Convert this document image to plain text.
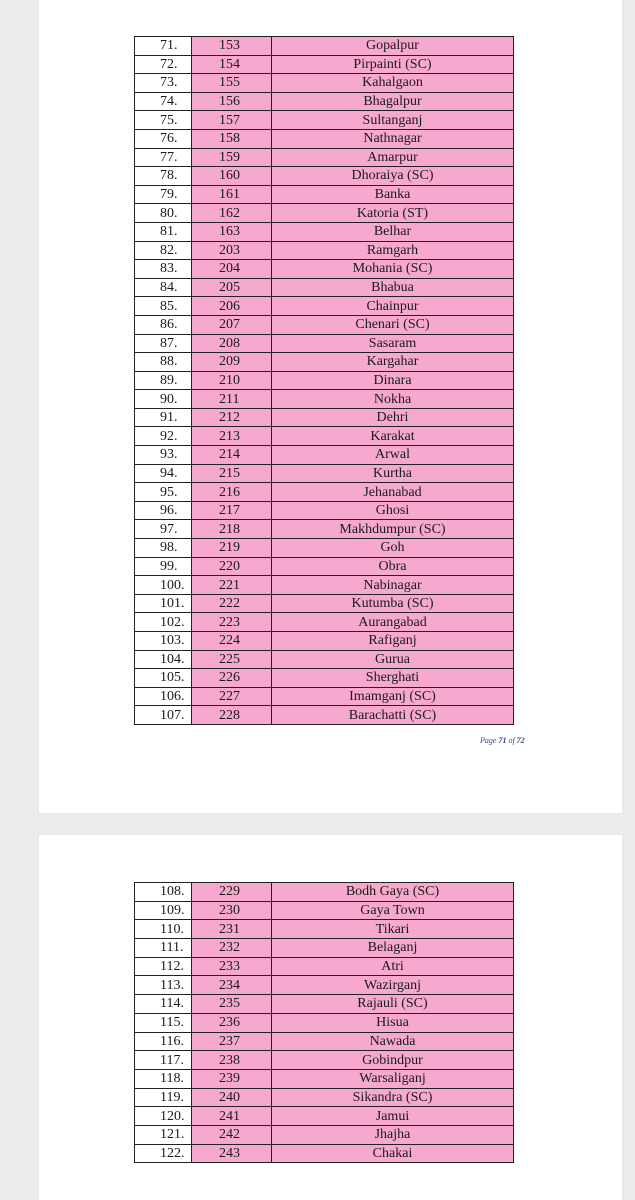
71.	153	Gopalpur
72.	154	Pirpainti (SC)
73.	155	Kahalgaon
74.	156	Bhagalpur
75.	157	Sultanganj
76.	158	Nathnagar
77.	159	Amarpur
78.	160	Dhoraiya (SC)
79.	161	Banka
80.	162	Katoria (ST)
81.	163	Belhar
82.	203	Ramgarh
83.	204	Mohania (SC)
84.	205	Bhabua
85.	206	Chainpur
86.	207	Chenari (SC)
87.	208	Sasaram
88.	209	Kargahar
89.	210	Dinara
90.	211	Nokha
91.	212	Dehri
92.	213	Karakat
93.	214	Arwal
94.	215	Kurtha
95.	216	Jehanabad
96.	217	Ghosi
97.	218	Makhdumpur (SC)
98.	219	Goh
99.	220	Obra
100.	221	Nabinagar
101.	222	Kutumba (SC)
102.	223	Aurangabad
103.	224	Rafiganj
104.	225	Gurua
105.	226	Sherghati
106.	227	Imamganj (SC)
107.	228	Barachatti (SC)
Page 71 of 72
108.	229	Bodh Gaya (SC)
109.	230	Gaya Town
110.	231	Tikari
111.	232	Belaganj
112.	233	Atri
113.	234	Wazirganj
114.	235	Rajauli (SC)
115.	236	Hisua
116.	237	Nawada
117.	238	Gobindpur
118.	239	Warsaliganj
119.	240	Sikandra (SC)
120.	241	Jamui
121.	242	Jhajha
122.	243	Chakai
